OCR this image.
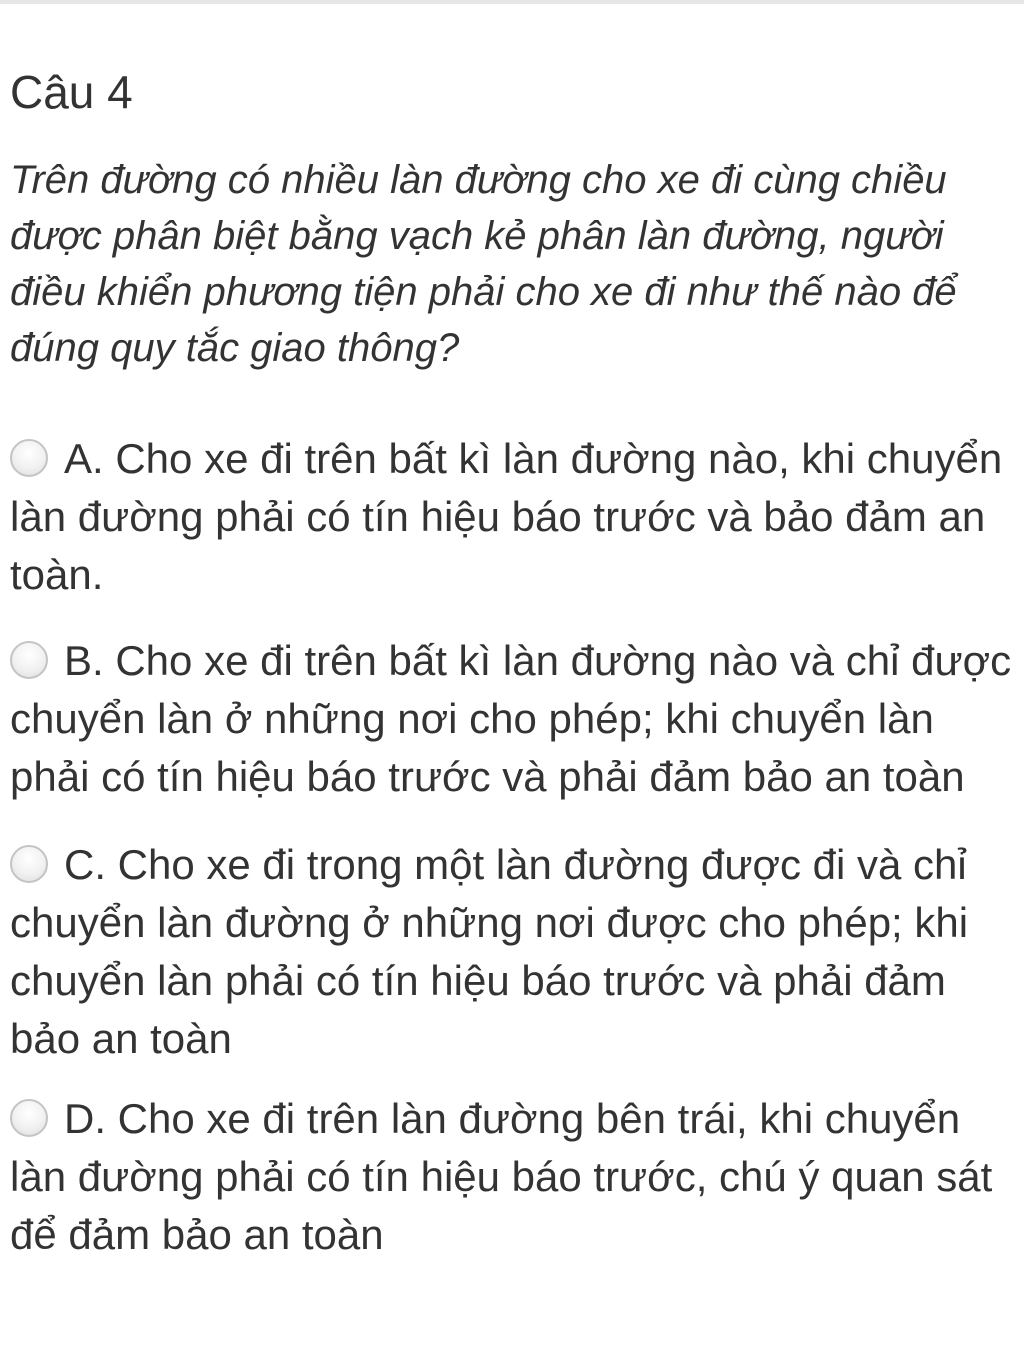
Câu 4
Trên đường có nhiều làn đường cho xe đi cùng chiều được phân biệt bằng vạch kẻ phân làn đường, người điều khiển phương tiện phải cho xe đi như thế nào để đúng quy tắc giao thông?
A. Cho xe đi trên bất kì làn đường nào, khi chuyển làn đường phải có tín hiệu báo trước và bảo đảm an toàn.
B. Cho xe đi trên bất kì làn đường nào và chỉ được chuyển làn ở những nơi cho phép; khi chuyển làn phải có tín hiệu báo trước và phải đảm bảo an toàn
C. Cho xe đi trong một làn đường được đi và chỉ chuyển làn đường ở những nơi được cho phép; khi chuyển làn phải có tín hiệu báo trước và phải đảm bảo an toàn
D. Cho xe đi trên làn đường bên trái, khi chuyển làn đường phải có tín hiệu báo trước, chú ý quan sát để đảm bảo an toàn
